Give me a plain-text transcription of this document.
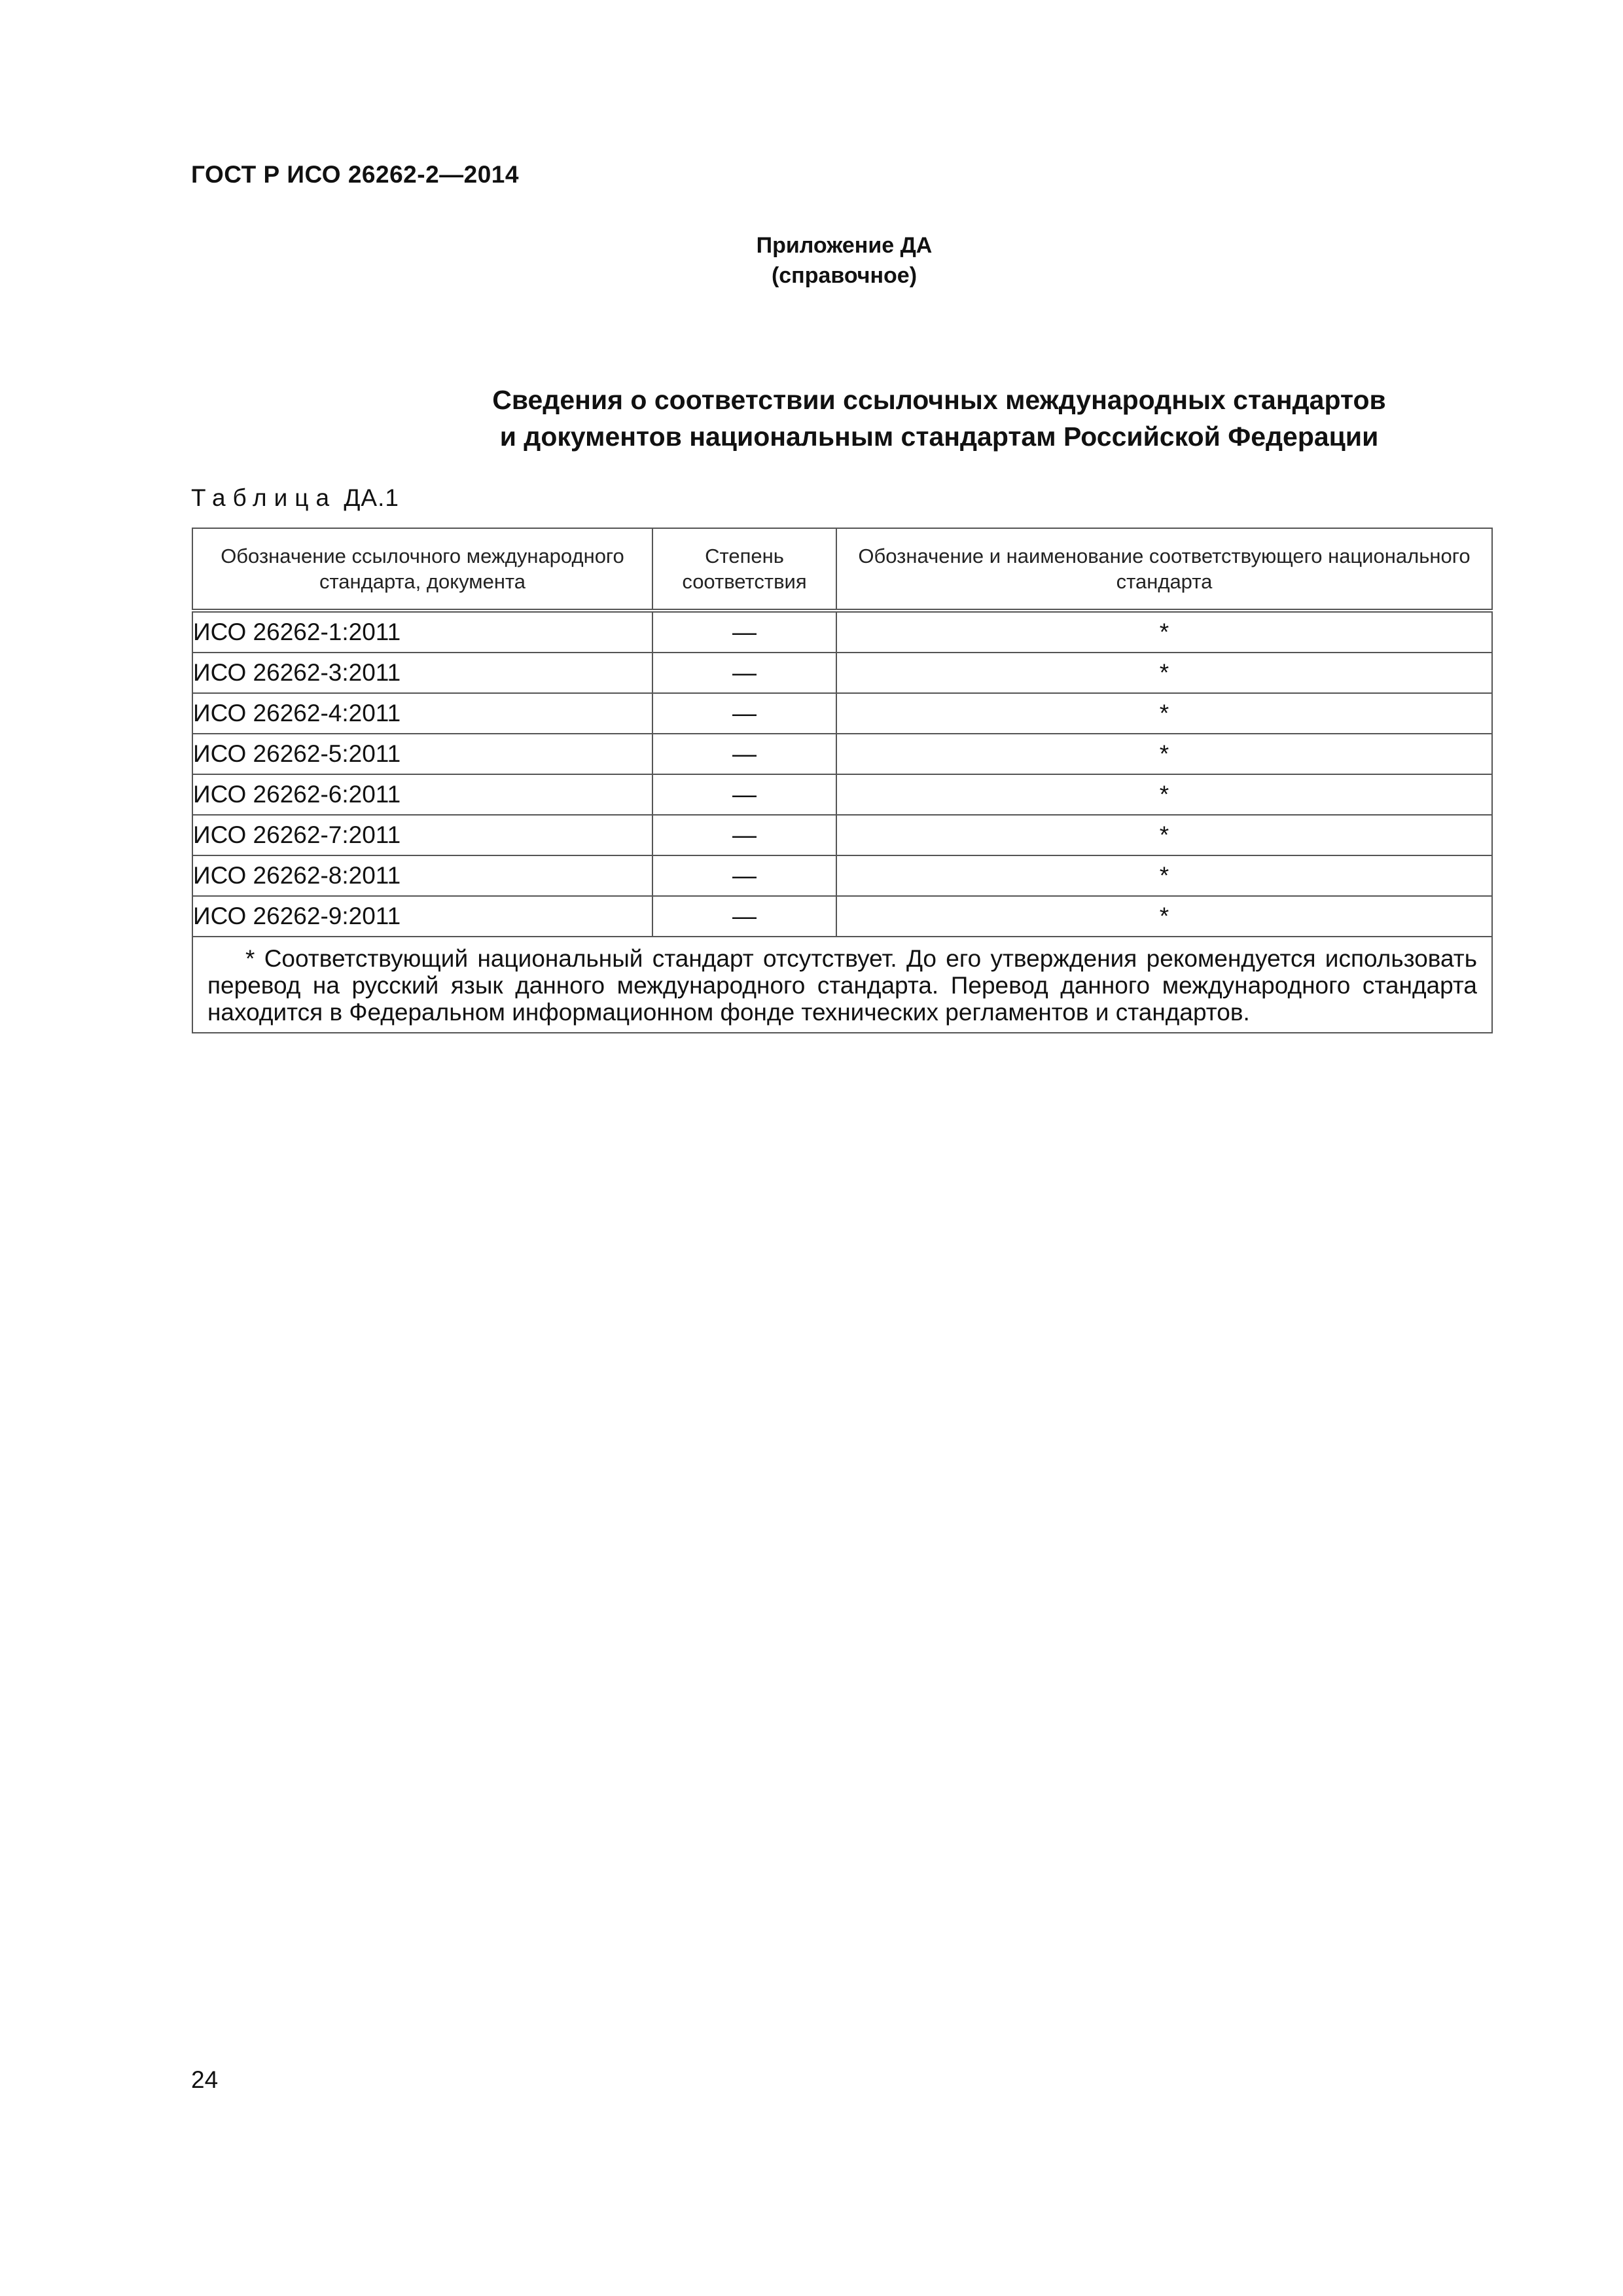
ГОСТ Р ИСО 26262-2—2014
Приложение ДА
(справочное)
Сведения о соответствии ссылочных международных стандартов
и документов национальным стандартам Российской Федерации
Таблица ДА.1
Обозначение ссылочного международного стандарта, документа	Степень соответствия	Обозначение и наименование соответствующего национального стандарта
ИСО 26262-1:2011	—	*
ИСО 26262-3:2011	—	*
ИСО 26262-4:2011	—	*
ИСО 26262-5:2011	—	*
ИСО 26262-6:2011	—	*
ИСО 26262-7:2011	—	*
ИСО 26262-8:2011	—	*
ИСО 26262-9:2011	—	*

* Соответствующий национальный стандарт отсутствует. До его утверждения рекомендуется использовать перевод на русский язык данного международного стандарта. Перевод данного международного стандарта находится в Федеральном информационном фонде технических регламентов и стандартов.		
24
